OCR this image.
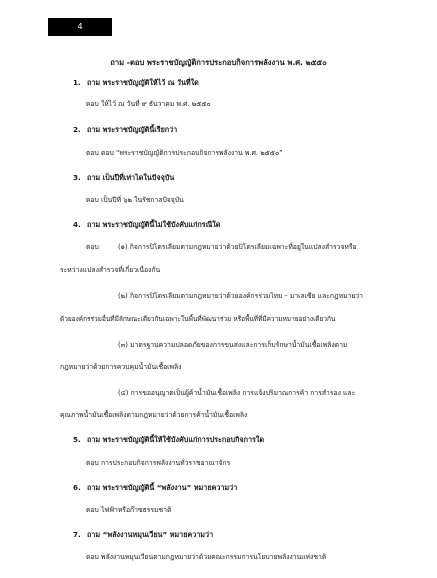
4
ถาม -ตอบ พระราชบัญญัติการประกอบกิจการพลังงาน พ.ศ. ๒๕๕๐
1. ถาม พระราชบัญญัติให้ไว้ ณ วันที่ใด
ตอบ ให้ไว้ ณ วันที่ ๙ ธันวาคม พ.ศ. ๒๕๕๐
2. ถาม พระราชบัญญัตินี้เรียกว่า
ตอบ ตอบ “พระราชบัญญัติการประกอบกิจการพลังงาน พ.ศ. ๒๕๕๐”
3. ถาม เป็นปีที่เท่าไดในปัจจุบัน
ตอบ เป็นปีที่ ๖๒ ในรัชกาลปัจจุบัน
4. ถาม พระราชบัญญัตินี้ไม่ใช้บังคับแก่กรณีใด
ตอบ	(๑) กิจการปิโตรเลียมตามกฎหมายว่าด้วยปิโตรเลียมเฉพาะที่อยู่ในแปลงสำรวจหรือ
ระหว่างแปลงสำรวจที่เกี่ยวเนื่องกัน
(๒) กิจการปิโตรเลียมตามกฎหมายว่าด้วยองค์กรร่วมไทย – มาเลเซีย และกฎหมายว่า
ด้วยองค์กรร่วมอื่นที่มีลักษณะเดียวกันเฉพาะในพื้นที่พัฒนาร่วม หรือพื้นที่ที่มีความหมายอย่างเดียวกัน
(๓) มาตรฐานความปลอดภัยของการขนส่งและการเก็บรักษาน้ำมันเชื้อเพลิงตาม
กฎหมายว่าด้วยการควบคุมน้ำมันเชื้อเพลิง
(๔) การขออนุญาตเป็นผู้ค้าน้ำมันเชื้อเพลิง การแจ้งปริมาณการค้า การสำรอง และ
คุณภาพน้ำมันเชื้อเพลิงตามกฎหมายว่าด้วยการค้าน้ำมันเชื้อเพลิง
5. ถาม พระราชบัญญัตินี้ให้ใช้บังคับแก่การประกอบกิจการใด
ตอบ การประกอบกิจการพลังงานทั่วราชอาณาจักร
6. ถาม พระราชบัญญัตินี้ “พลังงาน” หมายความว่า
ตอบ ไฟฟ้าหรือก๊าซธรรมชาติ
7. ถาม “พลังงานหมุนเวียน” หมายความว่า
ตอบ พลังงานหมุนเวียนตามกฎหมายว่าด้วยคณะกรรมการนโยบายพลังงานแห่งชาติ
